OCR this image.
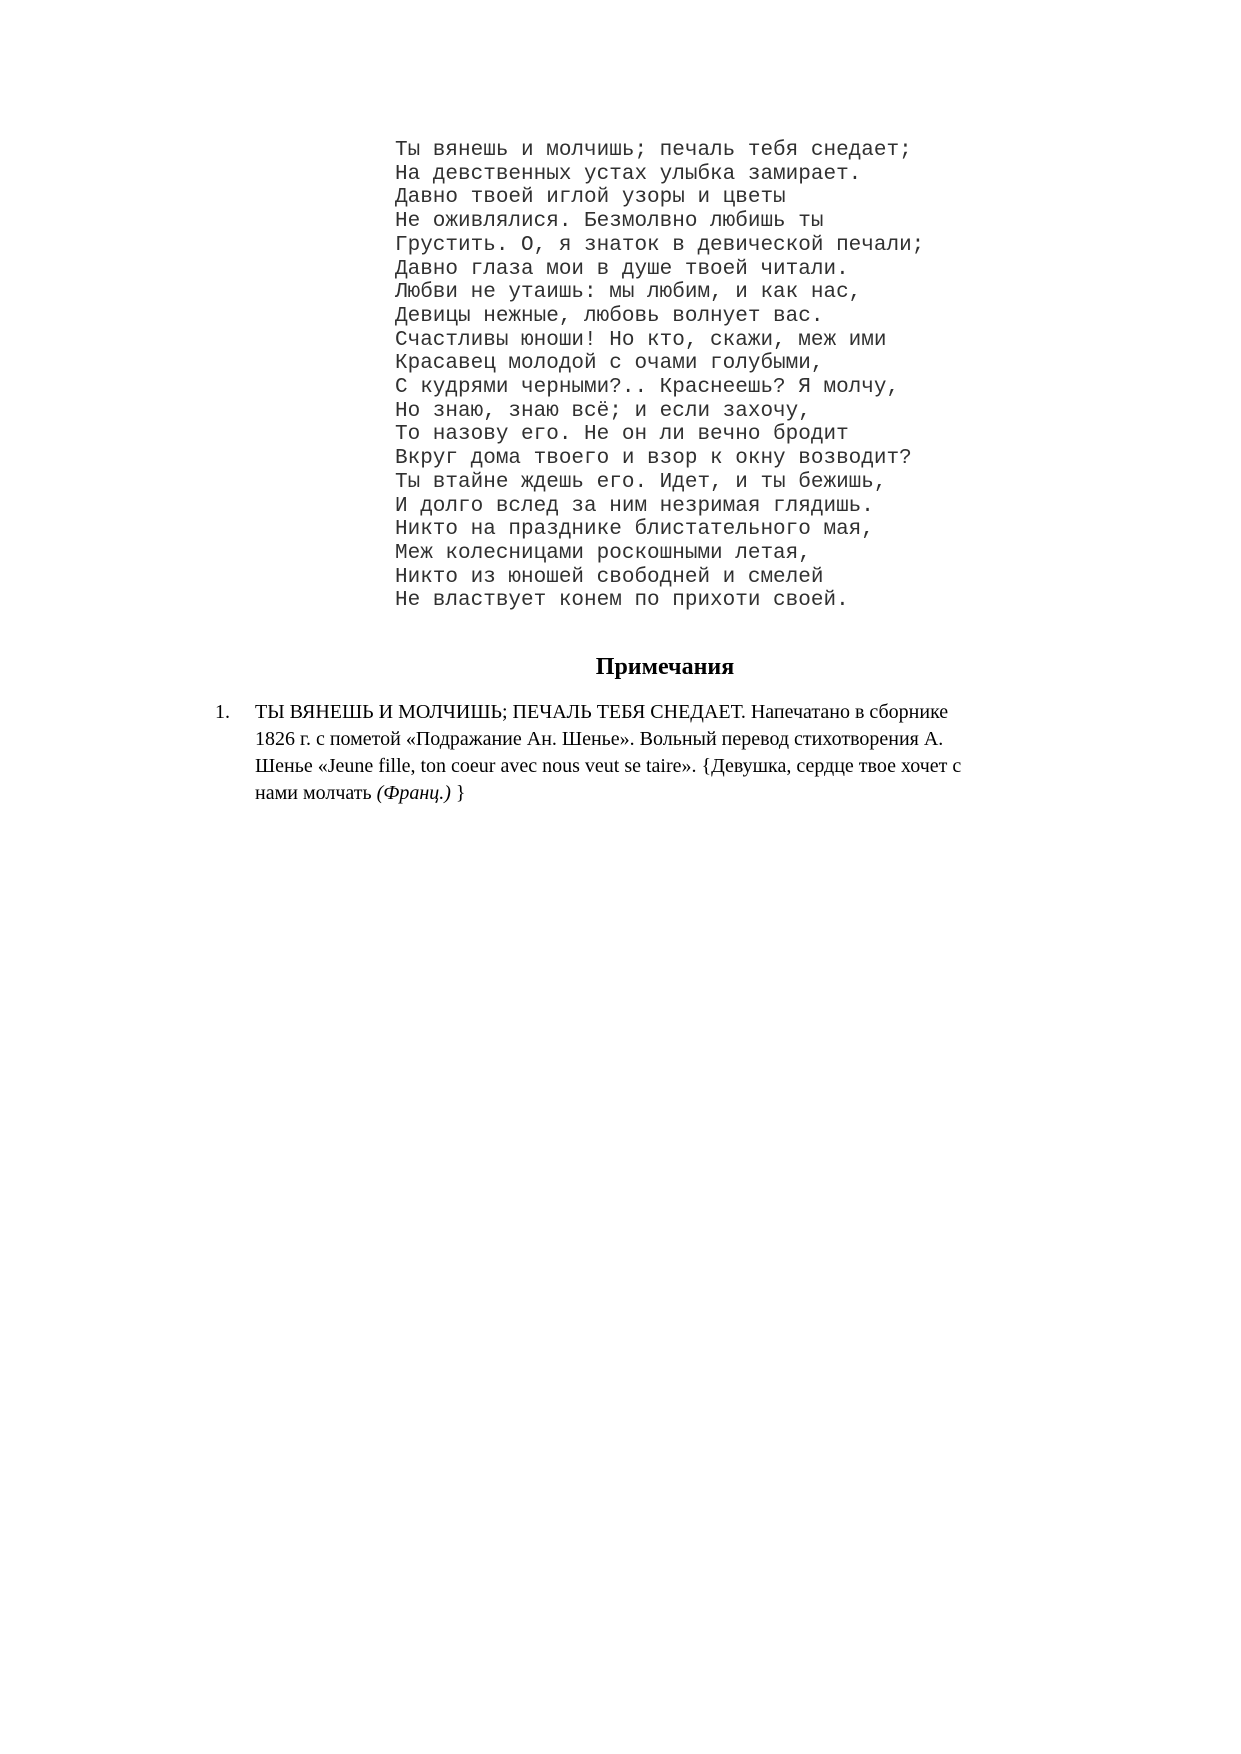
Ты вянешь и молчишь; печаль тебя снедает;
На девственных устах улыбка замирает.
Давно твоей иглой узоры и цветы
Не оживлялися. Безмолвно любишь ты
Грустить. О, я знаток в девической печали;
Давно глаза мои в душе твоей читали.
Любви не утаишь: мы любим, и как нас,
Девицы нежные, любовь волнует вас.
Счастливы юноши! Но кто, скажи, меж ими
Красавец молодой с очами голубыми,
С кудрями черными?.. Краснеешь? Я молчу,
Но знаю, знаю всё; и если захочу,
То назову его. Не он ли вечно бродит
Вкруг дома твоего и взор к окну возводит?
Ты втайне ждешь его. Идет, и ты бежишь,
И долго вслед за ним незримая глядишь.
Никто на празднике блистательного мая,
Меж колесницами роскошными летая,
Никто из юношей свободней и смелей
Не властвует конем по прихоти своей.
Примечания
1.	ТЫ ВЯНЕШЬ И МОЛЧИШЬ; ПЕЧАЛЬ ТЕБЯ СНЕДАЕТ. Напечатано в сборнике
1826 г. с пометой «Подражание Ан. Шенье». Вольный перевод стихотворения А.
Шенье «Jeune fille, ton coeur avec nous veut se taire». {Девушка, сердце твое хочет с
нами молчать (Франц.) }
